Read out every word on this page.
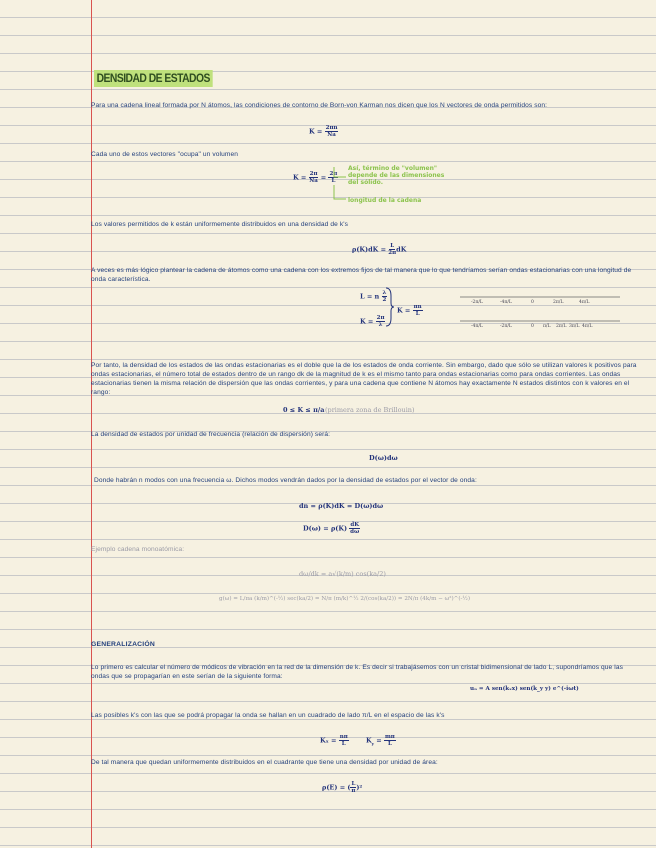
DENSIDAD DE ESTADOS
Para una cadena lineal formada por N átomos, las condiciones de contorno de Born-von Karman nos dicen que los N vectores de onda permitidos son:
$K = \frac{2\pi n}{Na}$
Cada uno de estos vectores "ocupa" un volumen
$K = \frac{2\pi}{Na} = \frac{2\pi}{L}$
Así, término de "volumen" depende de las dimensiones del sólido.
longitud de la cadena
Los valores permitidos de k están uniformemente distribuidos en una densidad de k's
$\rho(K)dK = \frac{L}{2\pi}$ dK
A veces es más lógico plantear la cadena de átomos como una cadena con los extremos fijos de tal manera que lo que tendríamos serían ondas estacionarias con una longitud de onda característica.
L = n $\frac{\lambda}{2}$
$K = \frac{2\pi}{\lambda}$
$K = \frac{\pi n}{L}$
-2π/L	-4π/L	0	2π/L	4π/L
-4π/L	-2π/L	0 π/L 2π/L 3π/L 4π/L
Por tanto, la densidad de los estados de las ondas estacionarias es el doble que la de los estados de onda corriente. Sin embargo, dado que sólo se utilizan valores k positivos para ondas estacionarias, el número total de estados dentro de un rango dk de la magnitud de k es el mismo tanto para ondas estacionarias como para ondas corrientes. Las ondas estacionarias tienen la misma relación de dispersión que las ondas corrientes, y para una cadena que contiene N átomos hay exactamente N estados distintos con k valores en el rango:
0 ≤ K ≤ π/a (primera zona de Brillouin)
La densidad de estados por unidad de frecuencia (relación de dispersión) será:
D(ω)dω
Donde habrán n modos con una frecuencia ω. Dichos modos vendrán dados por la densidad de estados por el vector de onda:
dn = ρ(K)dK = D(ω)dω
$D(\omega) = \rho(K) \frac{dK}{d\omega}$
Ejemplo cadena monoatómica:
dω/dk = a√(k/m) cos(ka/2)
g(ω) = L/πa (k/m)^(-½) sec(ka/2) = N/π (m/k)^½ 2/(cos(ka/2)) = 2N/π (4k/m − ω²)^(-½)
GENERALIZACIÓN
Lo primero es calcular el número de módicos de vibración en la red de la dimensión de k. Es decir si trabajásemos con un cristal bidimensional de lado L, supondríamos que las ondas que se propagarían en este serían de la siguiente forma:
uₙ = A sen(kₓx) sen(k_y y) e^(-iωt)
Las posibles k's con las que se podrá propagar la onda se hallan en un cuadrado de lado π/L en el espacio de las k's
$K_x = \frac{n\pi}{L}$	$K_y = \frac{m\pi}{L}$
De tal manera que quedan uniformemente distribuidos en el cuadrante que tiene una densidad por unidad de área:
ρ(E) = ( $\frac{L}{\pi} )^2$
